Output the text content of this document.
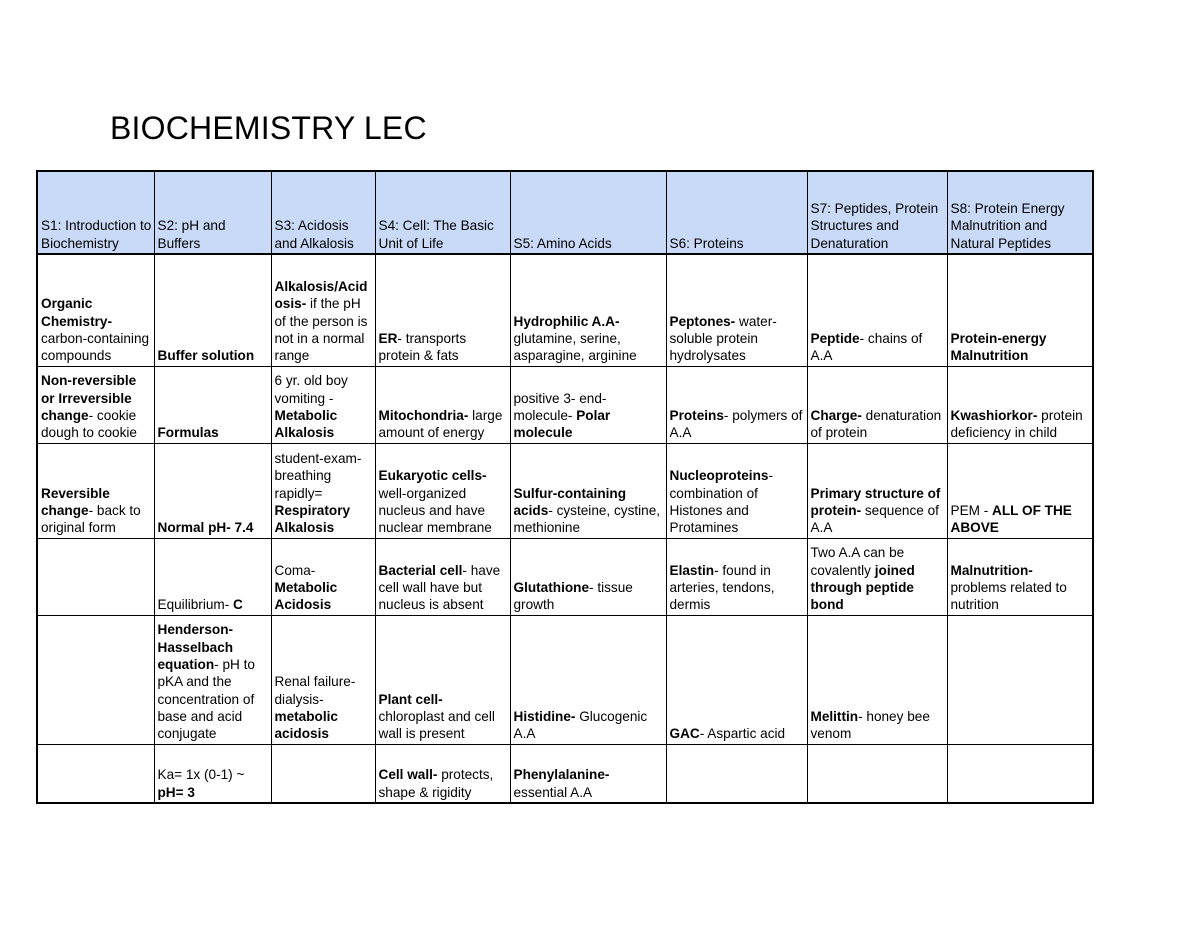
BIOCHEMISTRY LEC
S1: Introduction to Biochemistry	S2: pH and Buffers	S3: Acidosis and Alkalosis	S4: Cell: The Basic Unit of Life	S5: Amino Acids	S6: Proteins	S7: Peptides, Protein Structures and Denaturation	S8: Protein Energy Malnutrition and Natural Peptides
Organic Chemistry- carbon-containing compounds	Buffer solution	Alkalosis/Acidosis- if the pH of the person is not in a normal range	ER- transports protein & fats	Hydrophilic A.A- glutamine, serine, asparagine, arginine	Peptones- water-soluble protein hydrolysates	Peptide- chains of A.A	Protein-energy Malnutrition
Non-reversible or Irreversible change- cookie dough to cookie	Formulas	6 yr. old boy vomiting - Metabolic Alkalosis	Mitochondria- large amount of energy	positive 3- end-molecule- Polar molecule	Proteins- polymers of A.A	Charge- denaturation of protein	Kwashiorkor- protein deficiency in child
Reversible change- back to original form	Normal pH- 7.4	student-exam-breathing rapidly= Respiratory Alkalosis	Eukaryotic cells- well-organized nucleus and have nuclear membrane	Sulfur-containing acids- cysteine, cystine, methionine	Nucleoproteins- combination of Histones and Protamines	Primary structure of protein- sequence of A.A	PEM - ALL OF THE ABOVE
	Equilibrium- C	Coma- Metabolic Acidosis	Bacterial cell- have cell wall have but nucleus is absent	Glutathione- tissue growth	Elastin- found in arteries, tendons, dermis	Two A.A can be covalently joined through peptide bond	Malnutrition- problems related to nutrition
	Henderson-Hasselbach equation- pH to pKA and the concentration of base and acid conjugate	Renal failure-dialysis- metabolic acidosis	Plant cell- chloroplast and cell wall is present	Histidine- Glucogenic A.A	GAC- Aspartic acid	Melittin- honey bee venom	
	Ka= 1x (0-1) ~ pH= 3		Cell wall- protects, shape & rigidity	Phenylalanine- essential A.A			
